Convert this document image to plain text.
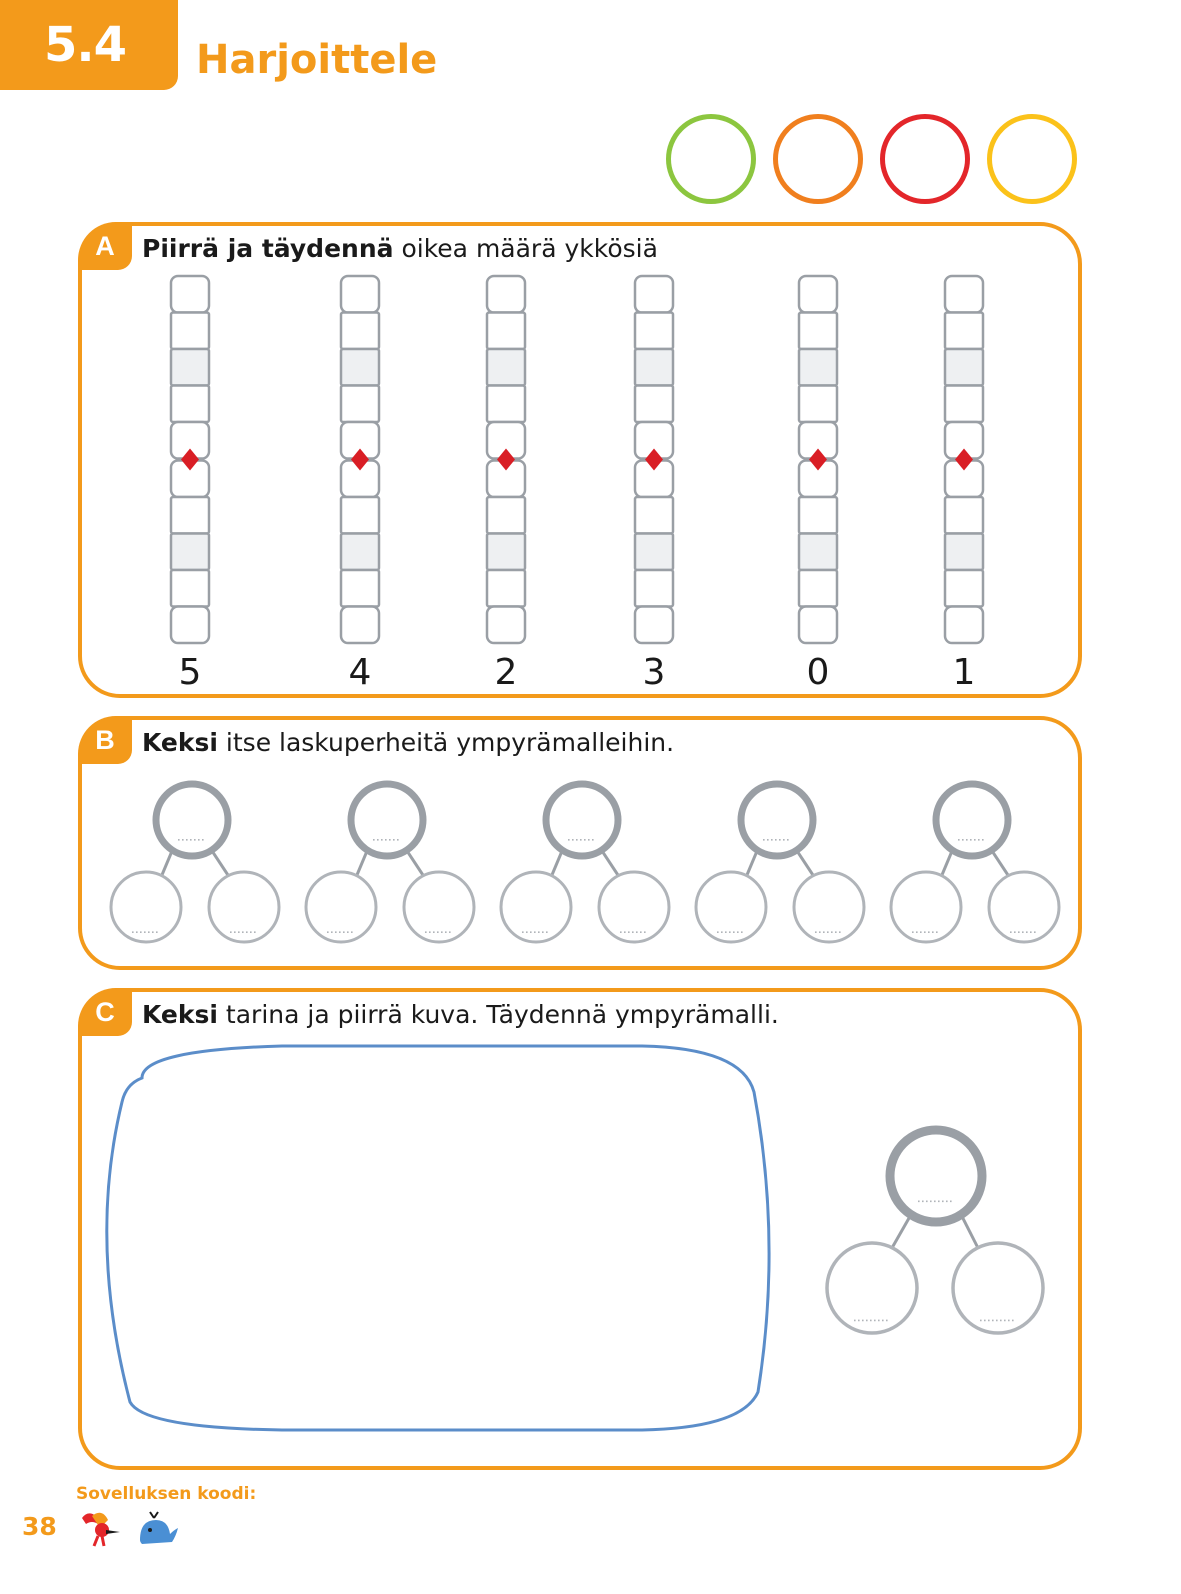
5.4 Harjoittele
A	Piirrä ja täydennä oikea määrä ykkösiä

5	4	2	3	0	1
B	Keksi itse laskuperheitä ympyrämalleihin.

C	Keksi tarina ja piirrä kuva. Täydennä ympyrämalli.

Sovelluksen koodi:

38
